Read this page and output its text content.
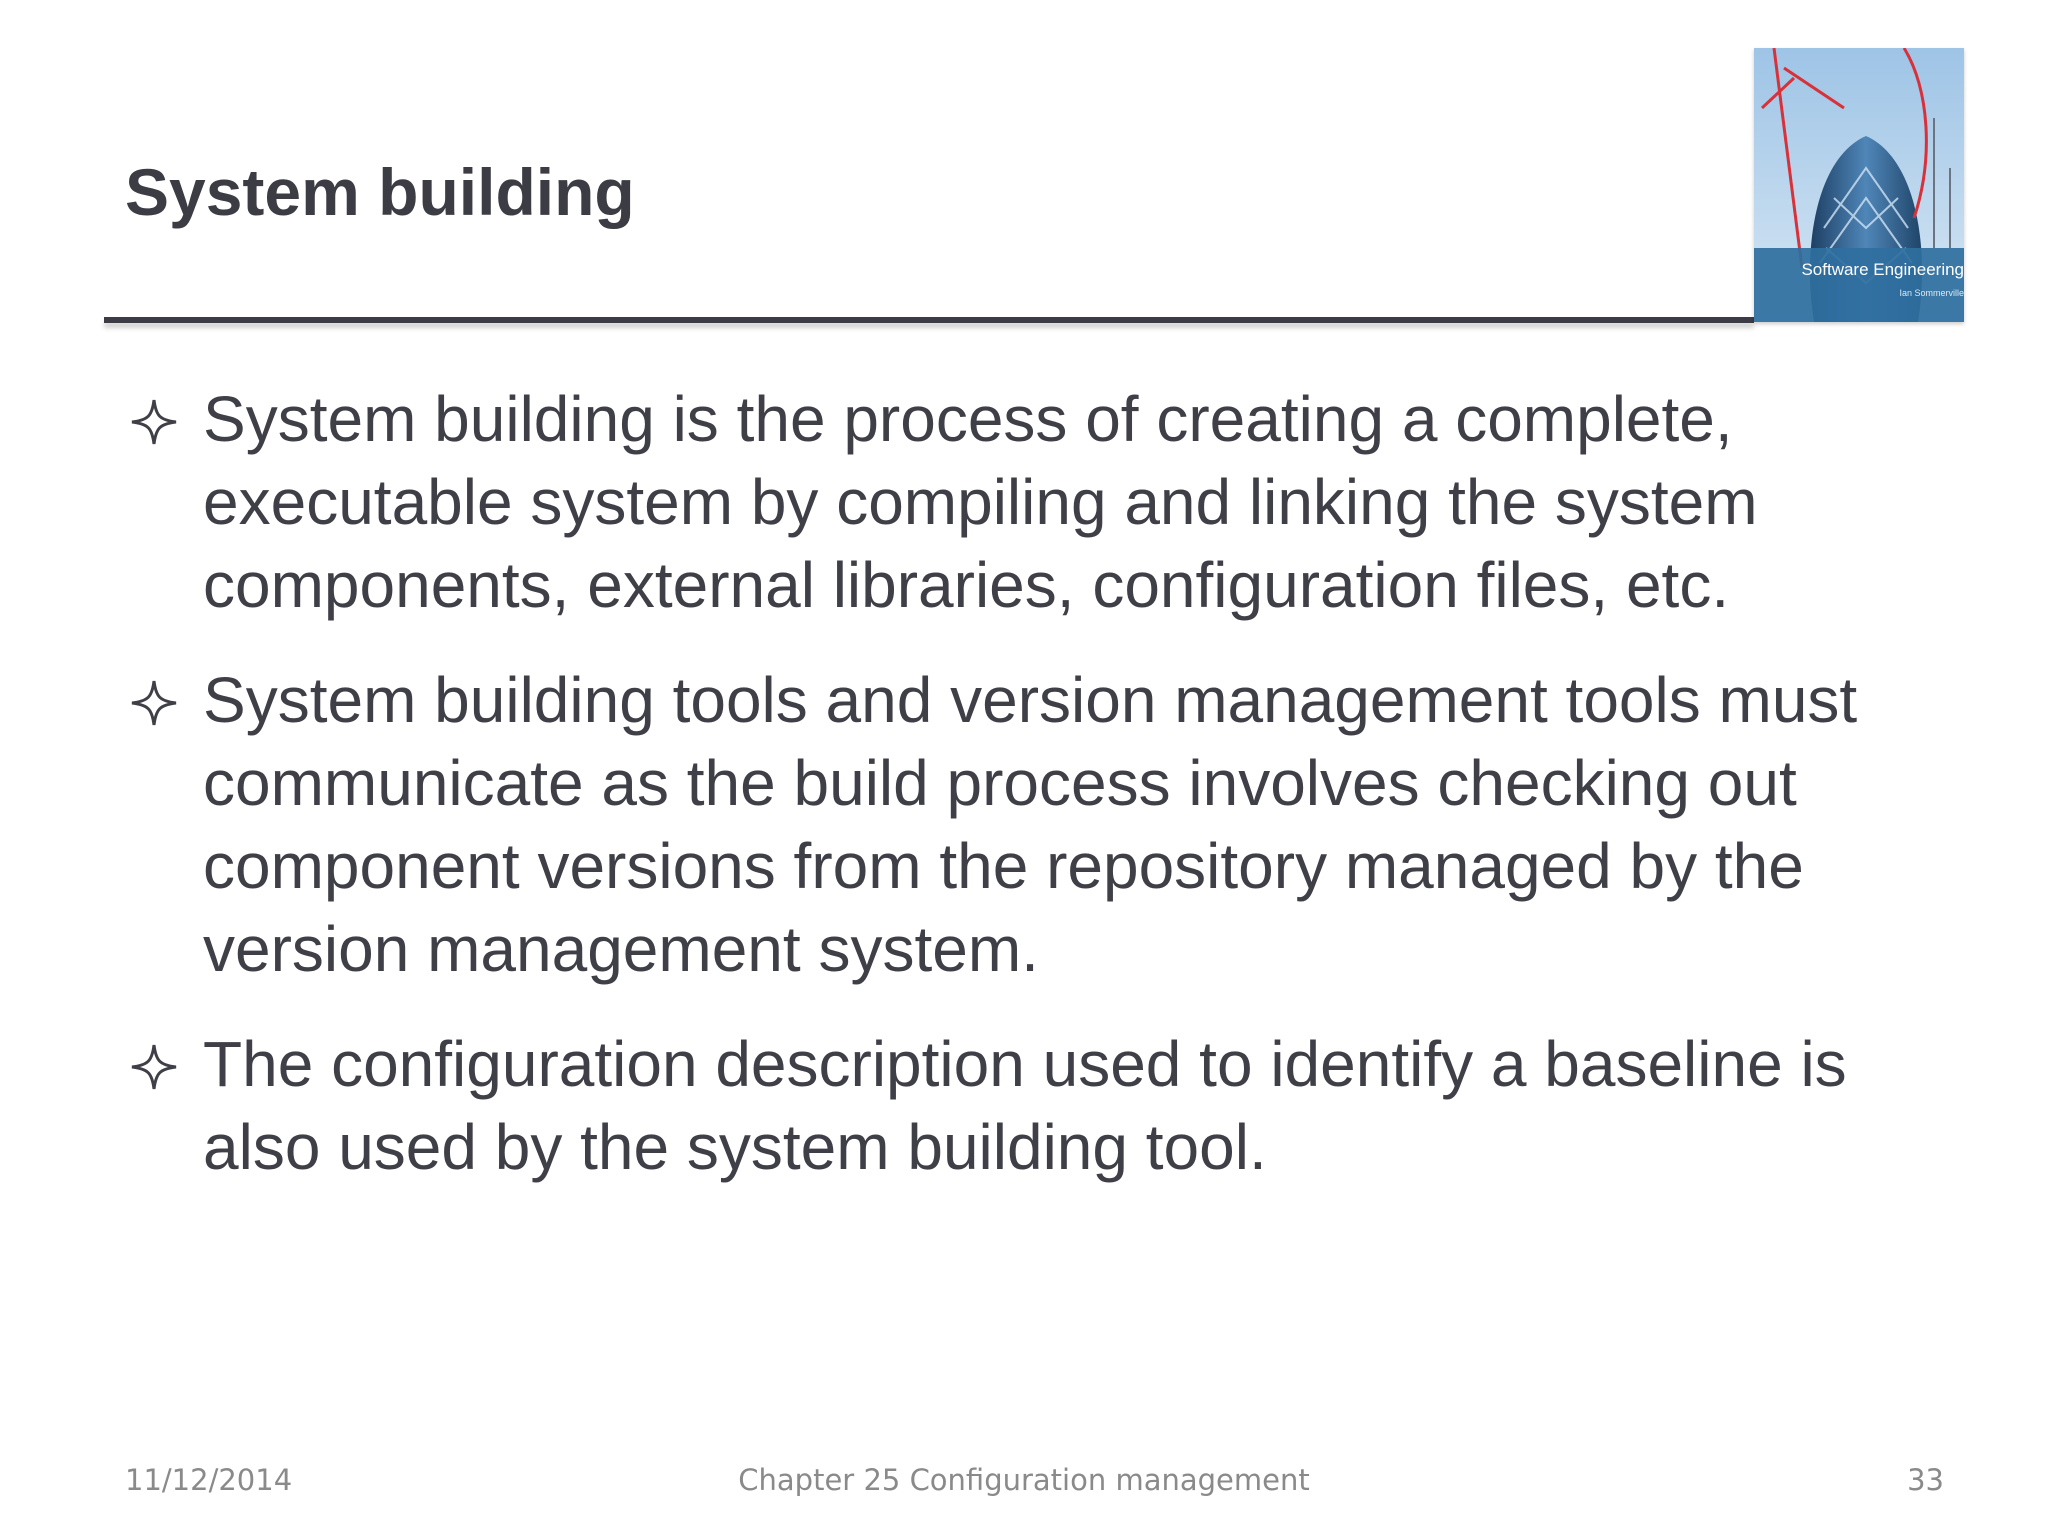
System building
Software Engineering
Ian Sommerville
System building is the process of creating a complete, executable system by compiling and linking the system components, external libraries, configuration files, etc.
System building tools and version management tools must communicate as the build process involves checking out component versions from the repository managed by the version management system.
The configuration description used to identify a baseline is also used by the system building tool.
11/12/2014	Chapter 25 Configuration management	33
